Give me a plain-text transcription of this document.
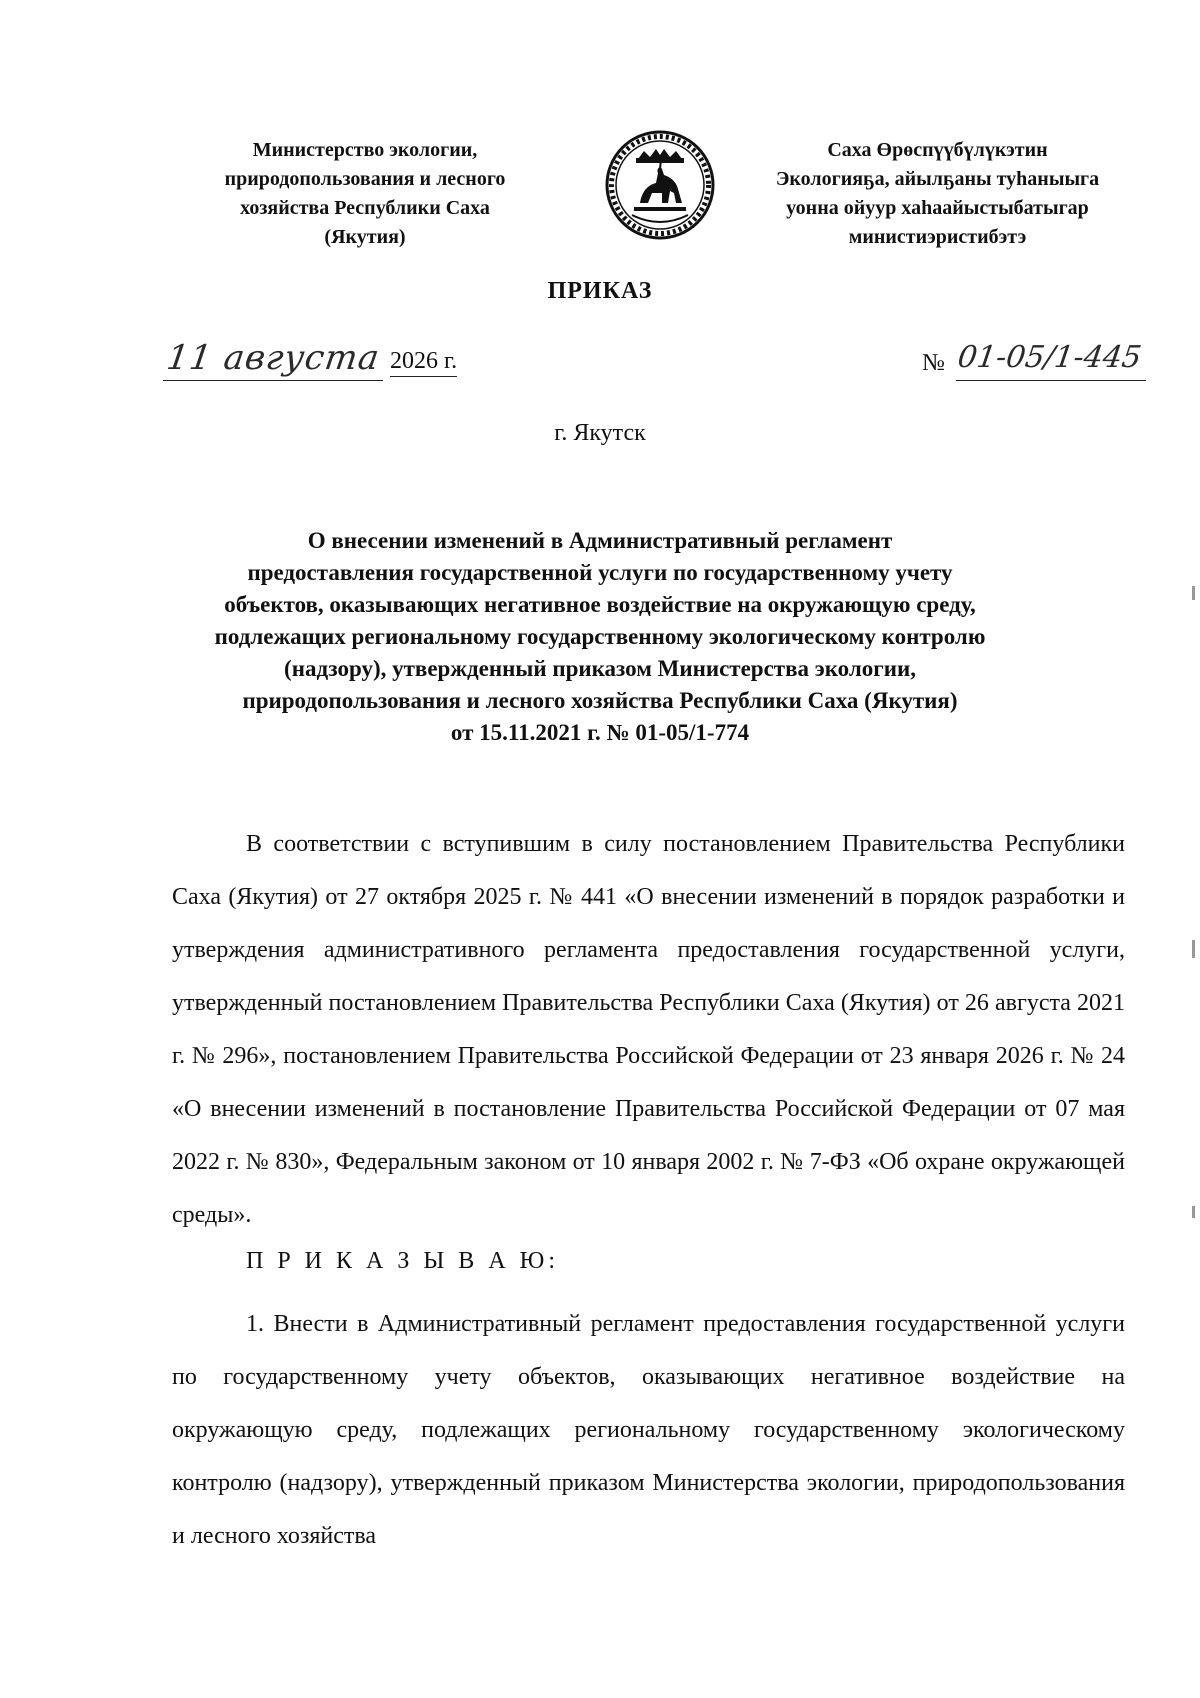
Министерство экологии,
природопользования и лесного
хозяйства Республики Саха
(Якутия)
Саха Өрөспүүбүлүкэтин
Экологияҕа, айылҕаны туһаныыга
уонна ойуур хаһаайыстыбатыгар
министиэристибэтэ
ПРИКАЗ
11 августа 2026 г.	№ 01-05/1-445
г. Якутск
О внесении изменений в Административный регламент
предоставления государственной услуги по государственному учету
объектов, оказывающих негативное воздействие на окружающую среду,
подлежащих региональному государственному экологическому контролю
(надзору), утвержденный приказом Министерства экологии,
природопользования и лесного хозяйства Республики Саха (Якутия)
от 15.11.2021 г. № 01-05/1-774
В соответствии с вступившим в силу постановлением Правительства Республики Саха (Якутия) от 27 октября 2025 г. № 441 «О внесении изменений в порядок разработки и утверждения административного регламента предоставления государственной услуги, утвержденный постановлением Правительства Республики Саха (Якутия) от 26 августа 2021 г. № 296», постановлением Правительства Российской Федерации от 23 января 2026 г. № 24 «О внесении изменений в постановление Правительства Российской Федерации от 07 мая 2022 г. № 830», Федеральным законом от 10 января 2002 г. № 7-ФЗ «Об охране окружающей среды».
П Р И К А З Ы В А Ю:
1. Внести в Административный регламент предоставления государственной услуги по государственному учету объектов, оказывающих негативное воздействие на окружающую среду, подлежащих региональному государственному экологическому контролю (надзору), утвержденный приказом Министерства экологии, природопользования и лесного хозяйства
